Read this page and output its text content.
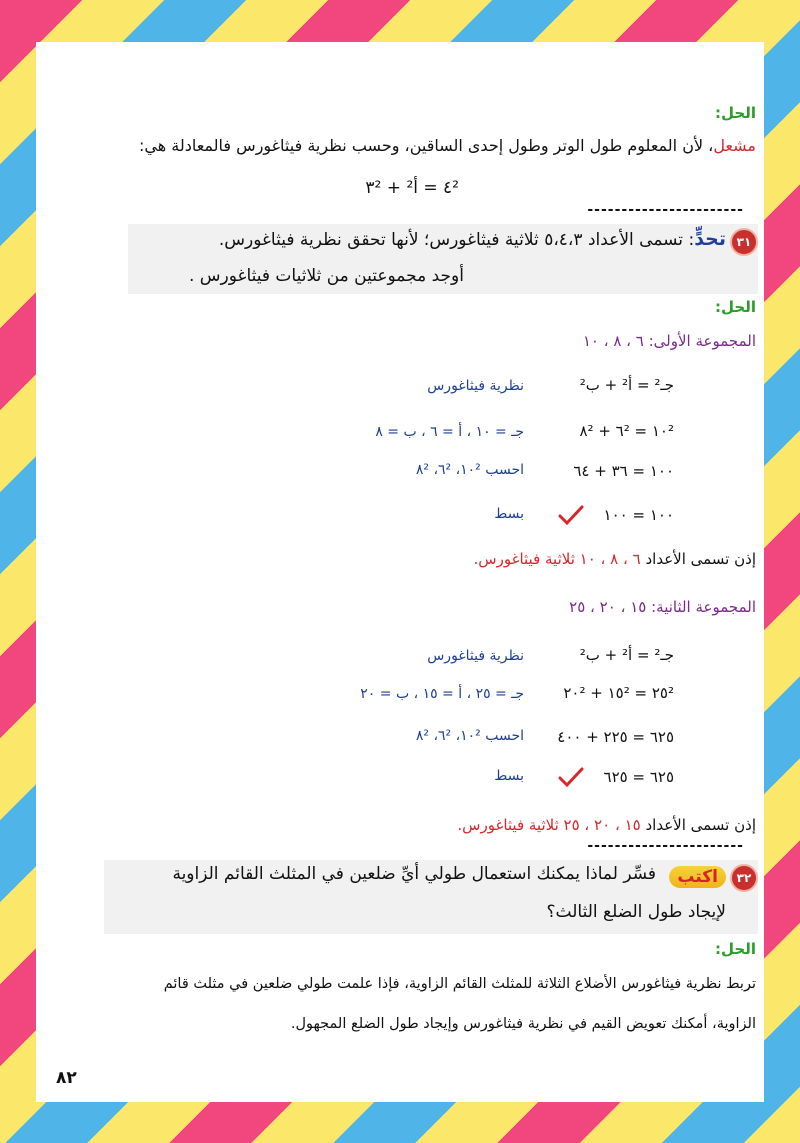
الحل:
مشعل، لأن المعلوم طول الوتر وطول إحدى الساقين، وحسب نظرية فيثاغورس فالمعادلة هي:
٤² = أ² + ٣²
-----------------------
٣١
تحدٍّ: تسمى الأعداد ٥،٤،٣ ثلاثية فيثاغورس؛ لأنها تحقق نظرية فيثاغورس.
أوجد مجموعتين من ثلاثيات فيثاغورس .
الحل:
المجموعة الأولى: ٦ ، ٨ ، ١٠
جـ² = أ² + ب²
نظرية فيثاغورس
١٠² = ٦² + ٨²
جـ = ١٠ ، أ = ٦ ، ب = ٨
١٠٠ = ٣٦ + ٦٤
احسب ١٠²، ٦²، ٨²
١٠٠ = ١٠٠
بسط
إذن تسمى الأعداد ٦ ، ٨ ، ١٠ ثلاثية فيثاغورس.
المجموعة الثانية: ١٥ ، ٢٠ ، ٢٥
جـ² = أ² + ب²
نظرية فيثاغورس
٢٥² = ١٥² + ٢٠²
جـ = ٢٥ ، أ = ١٥ ، ب = ٢٠
٦٢٥ = ٢٢٥ + ٤٠٠
احسب ١٠²، ٦²، ٨²
٦٢٥ = ٦٢٥
بسط
إذن تسمى الأعداد ١٥ ، ٢٠ ، ٢٥ ثلاثية فيثاغورس.
-----------------------
٣٢
اكتب
فسِّر لماذا يمكنك استعمال طولي أيِّ ضلعين في المثلث القائم الزاوية
لإيجاد طول الضلع الثالث؟
الحل:
تربط نظرية فيثاغورس الأضلاع الثلاثة للمثلث القائم الزاوية، فإذا علمت طولي ضلعين في مثلث قائم
الزاوية، أمكنك تعويض القيم في نظرية فيثاغورس وإيجاد طول الضلع المجهول.
٨٢
